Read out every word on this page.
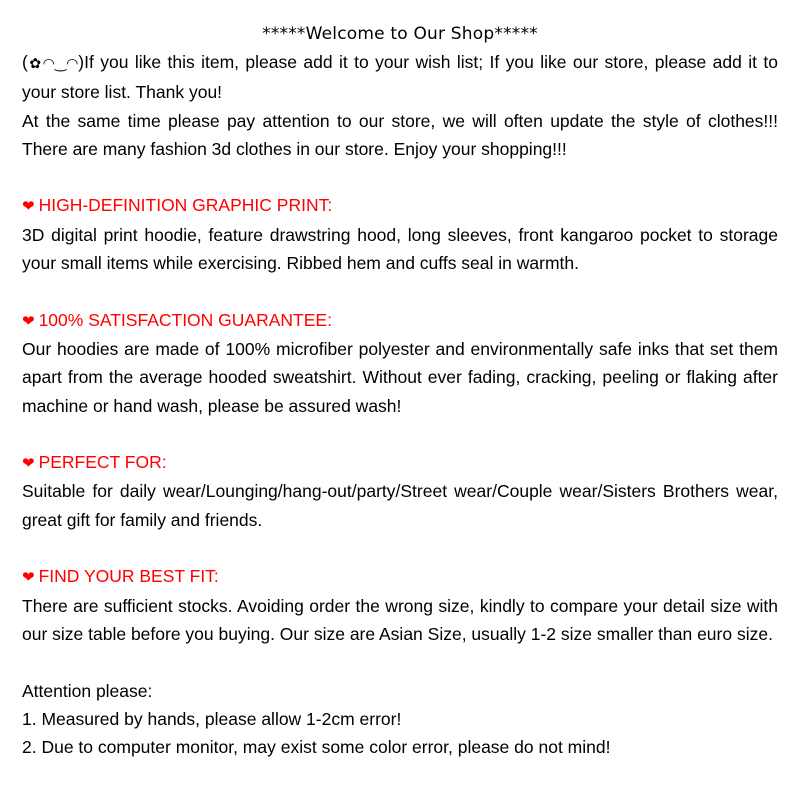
*****Welcome to Our Shop*****

(✿◠‿◠)If you like this item, please add it to your wish list; If you like our store, please add it to your store list. Thank you!

At the same time please pay attention to our store, we will often update the style of clothes!!! There are many fashion 3d clothes in our store. Enjoy your shopping!!!

❤ HIGH-DEFINITION GRAPHIC PRINT:

3D digital print hoodie, feature drawstring hood, long sleeves, front kangaroo pocket to storage your small items while exercising. Ribbed hem and cuffs seal in warmth.

❤ 100% SATISFACTION GUARANTEE:

Our hoodies are made of 100% microfiber polyester and environmentally safe inks that set them apart from the average hooded sweatshirt. Without ever fading, cracking, peeling or flaking after machine or hand wash, please be assured wash!

❤ PERFECT FOR:

Suitable for daily wear/Lounging/hang-out/party/Street wear/Couple wear/Sisters Brothers wear, great gift for family and friends.

❤ FIND YOUR BEST FIT:

There are sufficient stocks. Avoiding order the wrong size, kindly to compare your detail size with our size table before you buying. Our size are Asian Size, usually 1-2 size smaller than euro size.

Attention please:

1. Measured by hands, please allow 1-2cm error!

2. Due to computer monitor, may exist some color error, please do not mind!
